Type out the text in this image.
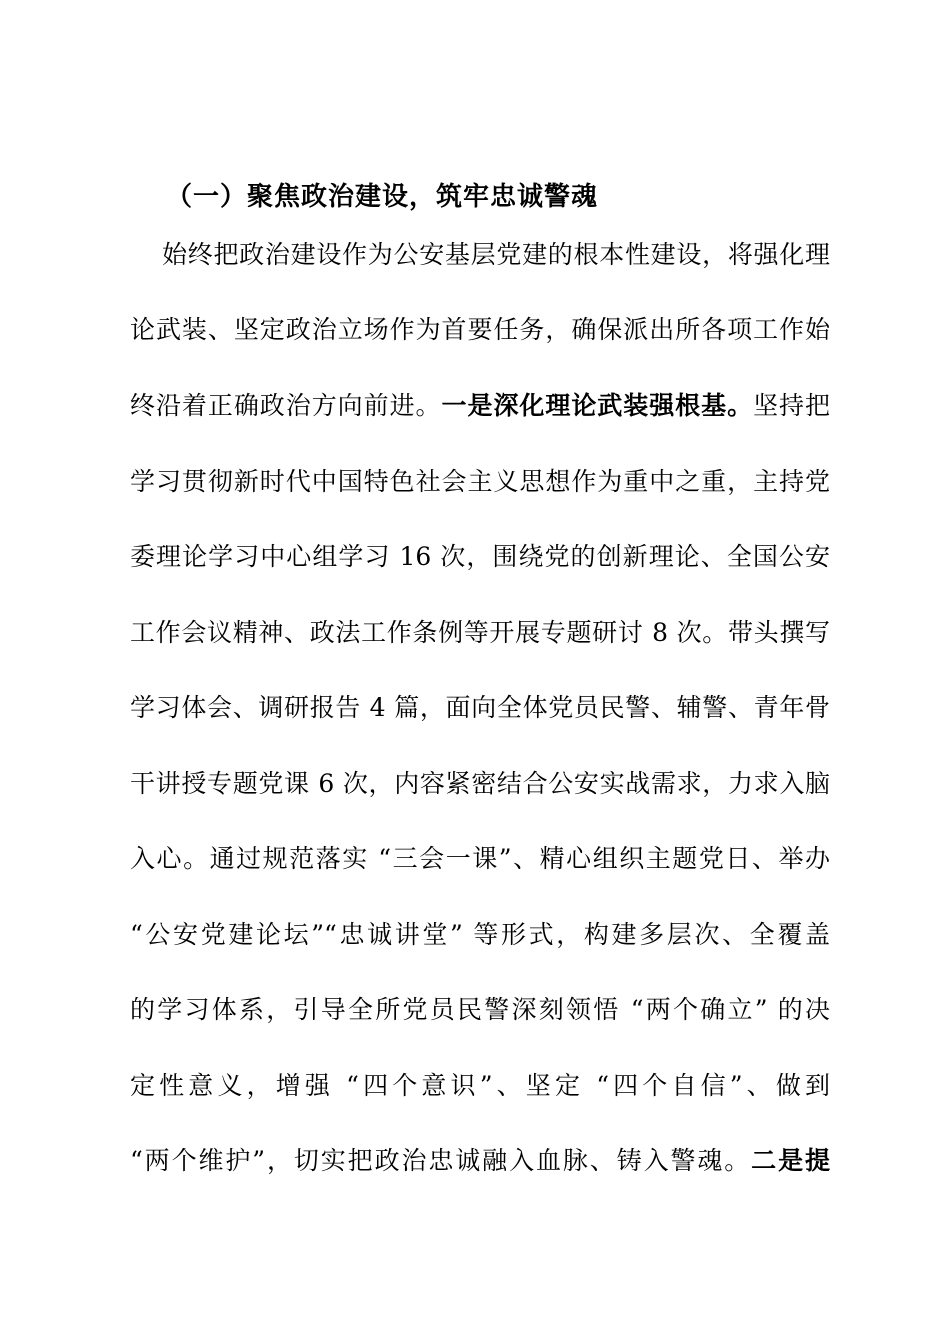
（一）聚焦政治建设，筑牢忠诚警魂
始终把政治建设作为公安基层党建的根本性建设，将强化理
论武装、坚定政治立场作为首要任务，确保派出所各项工作始
终沿着正确政治方向前进。一是深化理论武装强根基。坚持把
学习贯彻新时代中国特色社会主义思想作为重中之重，主持党
委理论学习中心组学习 16 次，围绕党的创新理论、全国公安
工作会议精神、政法工作条例等开展专题研讨 8 次。带头撰写
学习体会、调研报告 4 篇，面向全体党员民警、辅警、青年骨
干讲授专题党课 6 次，内容紧密结合公安实战需求，力求入脑
入心。通过规范落实 “三会一课”、精心组织主题党日、举办
“公安党建论坛”“忠诚讲堂” 等形式，构建多层次、全覆盖
的学习体系，引导全所党员民警深刻领悟 “两个确立” 的决
定性意义，增强 “四个意识”、坚定 “四个自信”、做到
“两个维护”，切实把政治忠诚融入血脉、铸入警魂。二是提
